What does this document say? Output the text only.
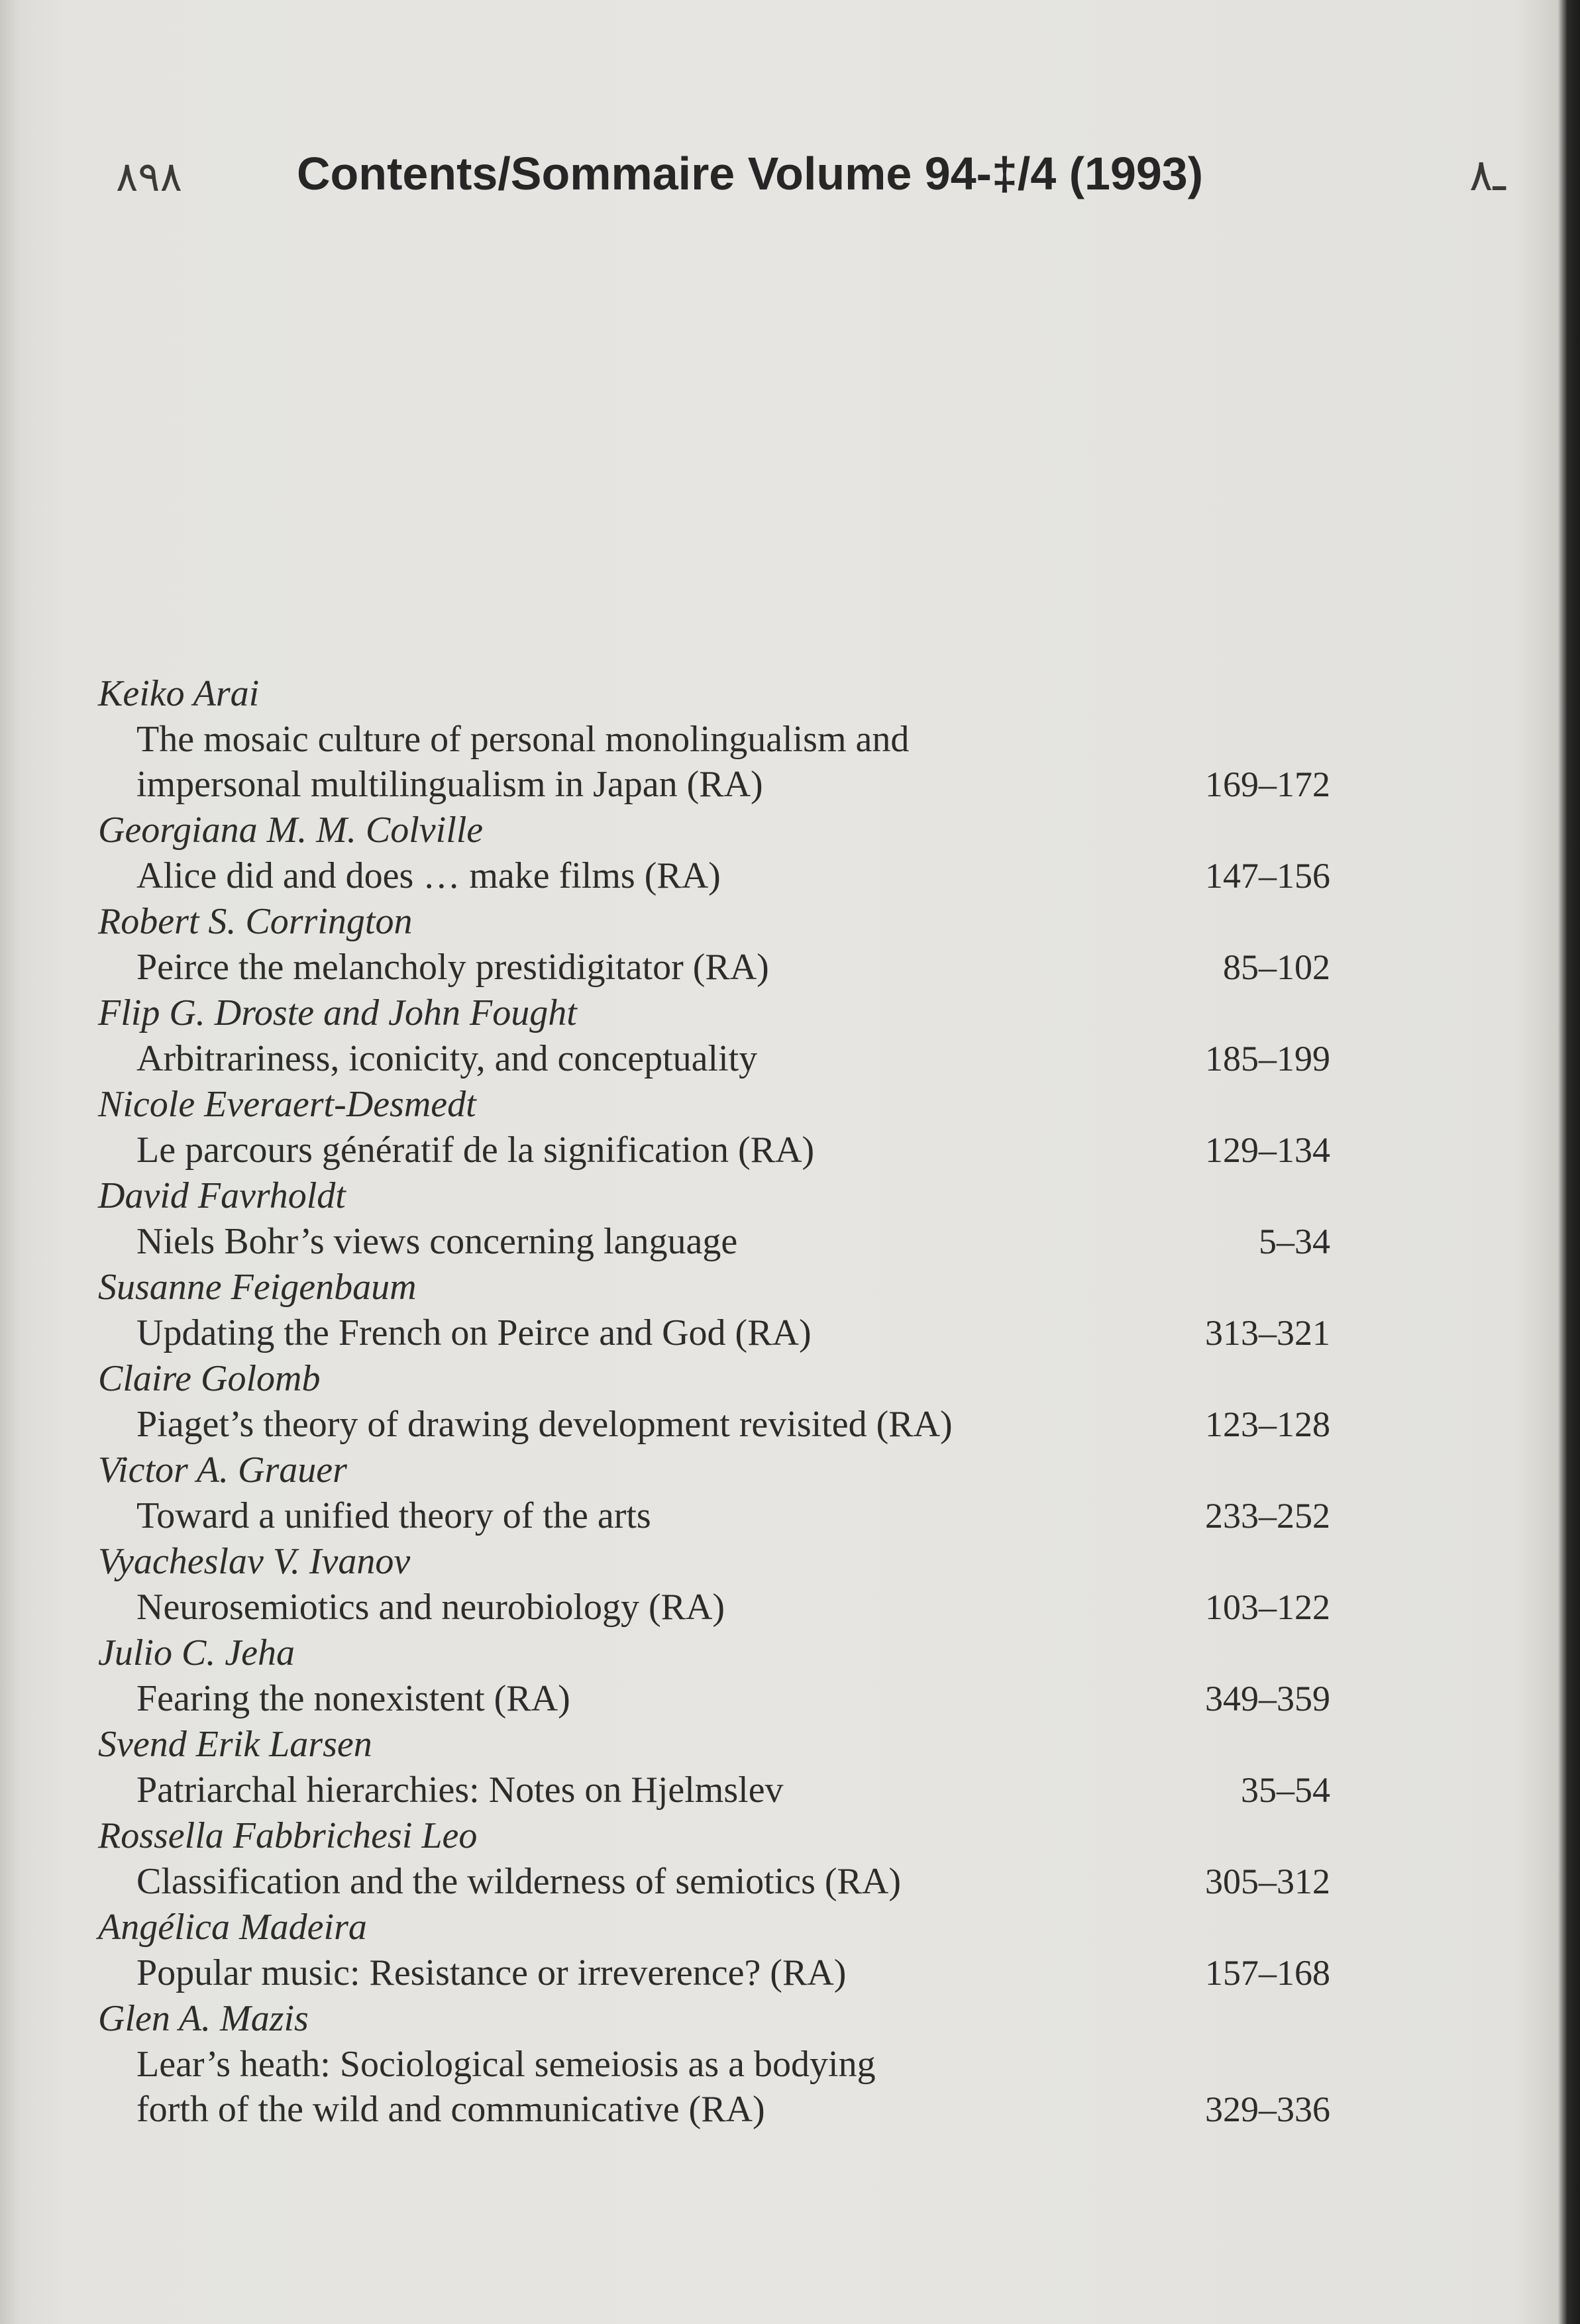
٨٩٨ Contents/Sommaire Volume 94-‡/4 (1993)	ـ٨
Keiko Arai
The mosaic culture of personal monolingualism and
impersonal multilingualism in Japan (RA)	169–172
Georgiana M. M. Colville
Alice did and does … make films (RA)	147–156
Robert S. Corrington
Peirce the melancholy prestidigitator (RA)	85–102
Flip G. Droste and John Fought
Arbitrariness, iconicity, and conceptuality	185–199
Nicole Everaert-Desmedt
Le parcours génératif de la signification (RA)	129–134
David Favrholdt
Niels Bohr’s views concerning language	5–34
Susanne Feigenbaum
Updating the French on Peirce and God (RA)	313–321
Claire Golomb
Piaget’s theory of drawing development revisited (RA)	123–128
Victor A. Grauer
Toward a unified theory of the arts	233–252
Vyacheslav V. Ivanov
Neurosemiotics and neurobiology (RA)	103–122
Julio C. Jeha
Fearing the nonexistent (RA)	349–359
Svend Erik Larsen
Patriarchal hierarchies: Notes on Hjelmslev	35–54
Rossella Fabbrichesi Leo
Classification and the wilderness of semiotics (RA)	305–312
Angélica Madeira
Popular music: Resistance or irreverence? (RA)	157–168
Glen A. Mazis
Lear’s heath: Sociological semeiosis as a bodying
forth of the wild and communicative (RA)	329–336
